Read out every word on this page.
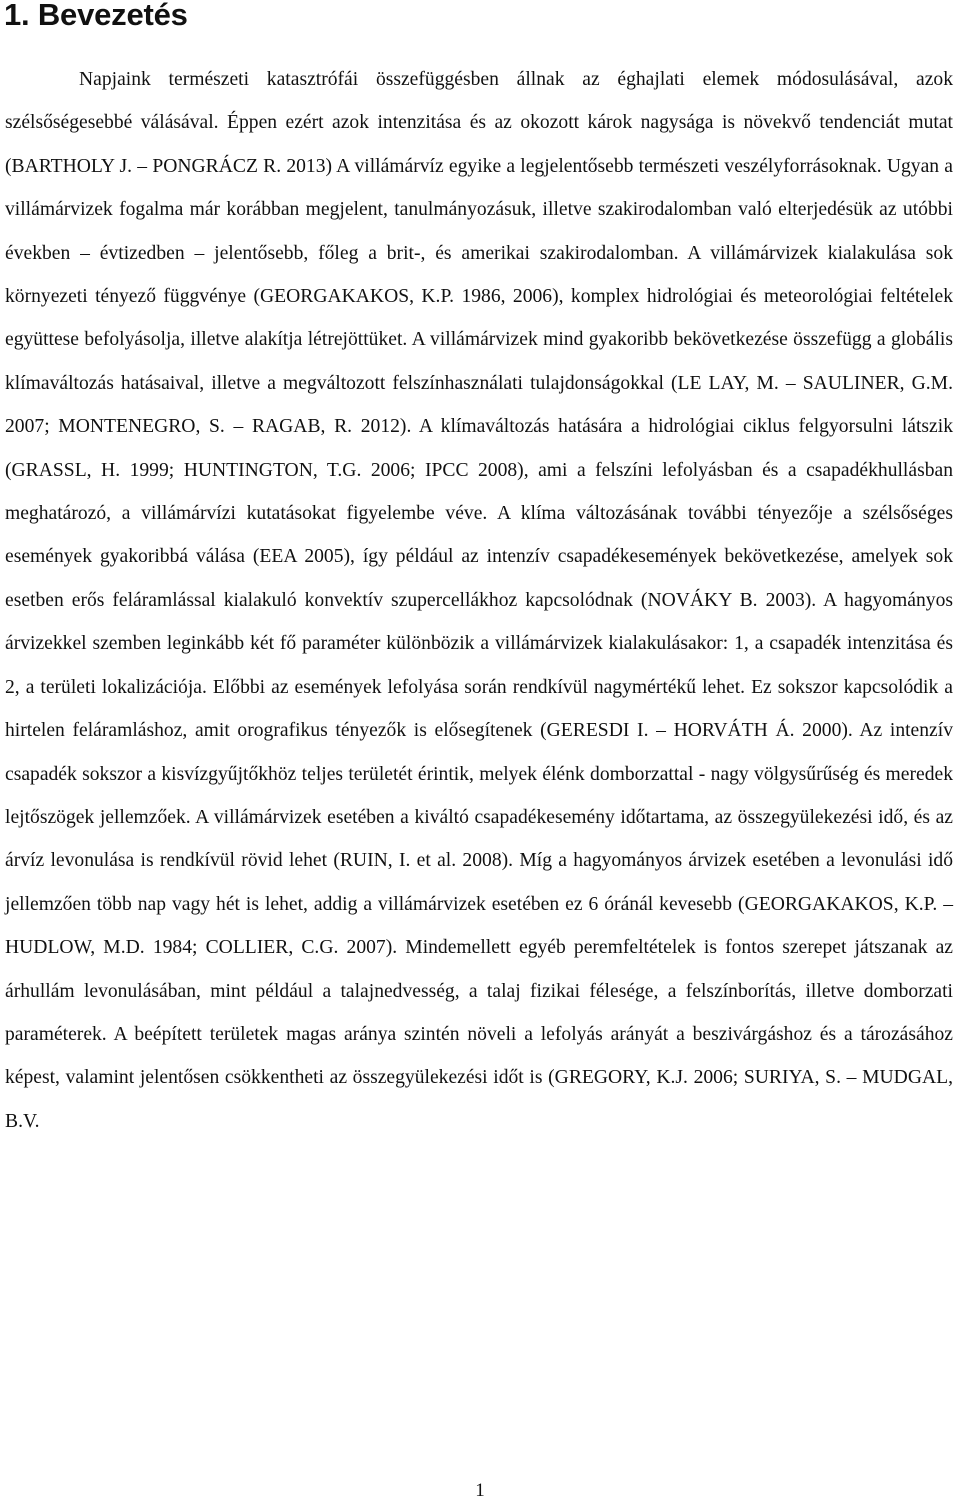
1. Bevezetés

Napjaink természeti katasztrófái összefüggésben állnak az éghajlati elemek módosulásával, azok szélsőségesebbé válásával. Éppen ezért azok intenzitása és az okozott károk nagysága is növekvő tendenciát mutat (BARTHOLY J. – PONGRÁCZ R. 2013) A villámárvíz egyike a legjelentősebb természeti veszélyforrásoknak. Ugyan a villámárvizek fogalma már korábban megjelent, tanulmányozásuk, illetve szakirodalomban való elterjedésük az utóbbi években – évtizedben – jelentősebb, főleg a brit-, és amerikai szakirodalomban. A villámárvizek kialakulása sok környezeti tényező függvénye (GEORGAKAKOS, K.P. 1986, 2006), komplex hidrológiai és meteorológiai feltételek együttese befolyásolja, illetve alakítja létrejöttüket. A villámárvizek mind gyakoribb bekövetkezése összefügg a globális klímaváltozás hatásaival, illetve a megváltozott felszínhasználati tulajdonságokkal (LE LAY, M. – SAULINER, G.M. 2007; MONTENEGRO, S. – RAGAB, R. 2012). A klímaváltozás hatására a hidrológiai ciklus felgyorsulni látszik (GRASSL, H. 1999; HUNTINGTON, T.G. 2006; IPCC 2008), ami a felszíni lefolyásban és a csapadékhullásban meghatározó, a villámárvízi kutatásokat figyelembe véve. A klíma változásának további tényezője a szélsőséges események gyakoribbá válása (EEA 2005), így például az intenzív csapadékesemények bekövetkezése, amelyek sok esetben erős feláramlással kialakuló konvektív szupercellákhoz kapcsolódnak (NOVÁKY B. 2003). A hagyományos árvizekkel szemben leginkább két fő paraméter különbözik a villámárvizek kialakulásakor: 1, a csapadék intenzitása és 2, a területi lokalizációja. Előbbi az események lefolyása során rendkívül nagymértékű lehet. Ez sokszor kapcsolódik a hirtelen feláramláshoz, amit orografikus tényezők is elősegítenek (GERESDI I. – HORVÁTH Á. 2000). Az intenzív csapadék sokszor a kisvízgyűjtőkhöz teljes területét érintik, melyek élénk domborzattal - nagy völgysűrűség és meredek lejtőszögek jellemzőek. A villámárvizek esetében a kiváltó csapadékesemény időtartama, az összegyülekezési idő, és az árvíz levonulása is rendkívül rövid lehet (RUIN, I. et al. 2008). Míg a hagyományos árvizek esetében a levonulási idő jellemzően több nap vagy hét is lehet, addig a villámárvizek esetében ez 6 óránál kevesebb (GEORGAKAKOS, K.P. – HUDLOW, M.D. 1984; COLLIER, C.G. 2007). Mindemellett egyéb peremfeltételek is fontos szerepet játszanak az árhullám levonulásában, mint például a talajnedvesség, a talaj fizikai félesége, a felszínborítás, illetve domborzati paraméterek. A beépített területek magas aránya szintén növeli a lefolyás arányát a beszivárgáshoz és a tározásához képest, valamint jelentősen csökkentheti az összegyülekezési időt is (GREGORY, K.J. 2006; SURIYA, S. – MUDGAL, B.V.

1
